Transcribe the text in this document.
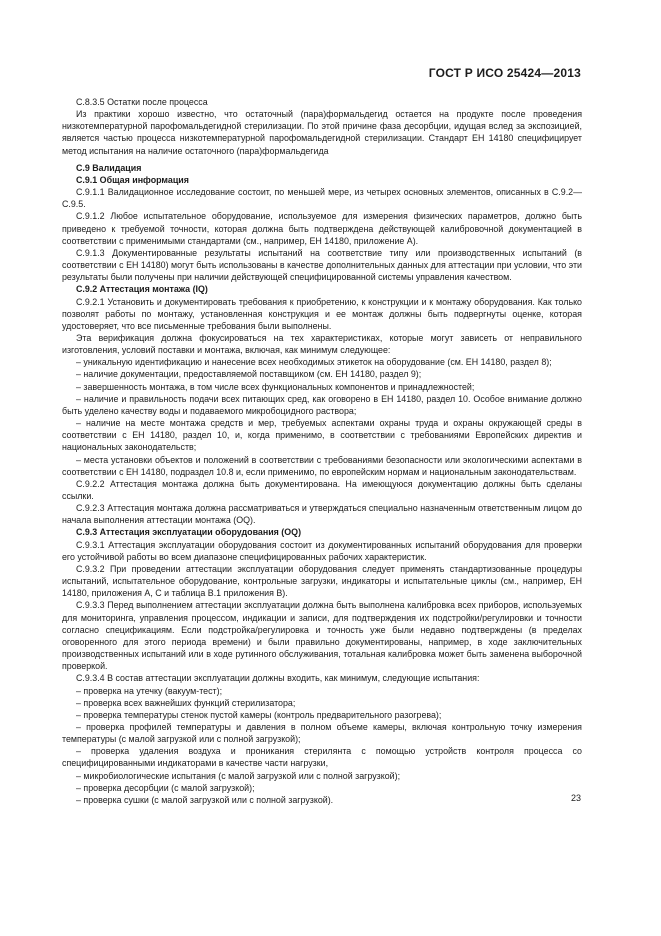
ГОСТ Р ИСО 25424—2013

С.8.3.5 Остатки после процесса

Из практики хорошо известно, что остаточный (пара)формальдегид остается на продукте после проведения низкотемпературной парофомальдегидной стерилизации. По этой причине фаза десорбции, идущая вслед за экспозицией, является частью процесса низкотемпературной парофомальдегидной стерилизации. Стандарт ЕН 14180 специфицирует метод испытания на наличие остаточного (пара)формальдегида

С.9 Валидация

С.9.1 Общая информация

С.9.1.1 Валидационное исследование состоит, по меньшей мере, из четырех основных элементов, описанных в С.9.2—С.9.5.

С.9.1.2 Любое испытательное оборудование, используемое для измерения физических параметров, должно быть приведено к требуемой точности, которая должна быть подтверждена действующей калибровочной документацией в соответствии с применимыми стандартами (см., например, ЕН 14180, приложение А).

С.9.1.3 Документированные результаты испытаний на соответствие типу или производственных испытаний (в соответствии с ЕН 14180) могут быть использованы в качестве дополнительных данных для аттестации при условии, что эти результаты были получены при наличии действующей специфицированной системы управления качеством.

С.9.2 Аттестация монтажа (IQ)

С.9.2.1 Установить и документировать требования к приобретению, к конструкции и к монтажу оборудования. Как только позволят работы по монтажу, установленная конструкция и ее монтаж должны быть подвергнуты оценке, которая удостоверяет, что все письменные требования были выполнены.

Эта верификация должна фокусироваться на тех характеристиках, которые могут зависеть от неправильного изготовления, условий поставки и монтажа, включая, как минимум следующее:

– уникальную идентификацию и нанесение всех необходимых этикеток на оборудование (см. ЕН 14180, раздел 8);

– наличие документации, предоставляемой поставщиком (см. ЕН 14180, раздел 9);

– завершенность монтажа, в том числе всех функциональных компонентов и принадлежностей;

– наличие и правильность подачи всех питающих сред, как оговорено в ЕН 14180, раздел 10. Особое внимание должно быть уделено качеству воды и подаваемого микробоцидного раствора;

– наличие на месте монтажа средств и мер, требуемых аспектами охраны труда и охраны окружающей среды в соответствии с ЕН 14180, раздел 10, и, когда применимо, в соответствии с требованиями Европейских директив и национальных законодательств;

– места установки объектов и положений в соответствии с требованиями безопасности или экологическими аспектами в соответствии с ЕН 14180, подраздел 10.8 и, если применимо, по европейским нормам и национальным законодательствам.

С.9.2.2 Аттестация монтажа должна быть документирована. На имеющуюся документацию должны быть сделаны ссылки.

С.9.2.3 Аттестация монтажа должна рассматриваться и утверждаться специально назначенным ответственным лицом до начала выполнения аттестации монтажа (OQ).

С.9.3 Аттестация эксплуатации оборудования (OQ)

С.9.3.1 Аттестация эксплуатации оборудования состоит из документированных испытаний оборудования для проверки его устойчивой работы во всем диапазоне специфицированных рабочих характеристик.

С.9.3.2 При проведении аттестации эксплуатации оборудования следует применять стандартизованные процедуры испытаний, испытательное оборудование, контрольные загрузки, индикаторы и испытательные циклы (см., например, ЕН 14180, приложения А, С и таблица В.1 приложения В).

С.9.3.3 Перед выполнением аттестации эксплуатации должна быть выполнена калибровка всех приборов, используемых для мониторинга, управления процессом, индикации и записи, для подтверждения их подстройки/регулировки и точности согласно спецификациям. Если подстройка/регулировка и точность уже были недавно подтверждены (в пределах оговоренного для этого периода времени) и были правильно документированы, например, в ходе заключительных производственных испытаний или в ходе рутинного обслуживания, тотальная калибровка может быть заменена выборочной проверкой.

С.9.3.4 В состав аттестации эксплуатации должны входить, как минимум, следующие испытания:

– проверка на утечку (вакуум-тест);

– проверка всех важнейших функций стерилизатора;

– проверка температуры стенок пустой камеры (контроль предварительного разогрева);

– проверка профилей температуры и давления в полном объеме камеры, включая контрольную точку измерения температуры (с малой загрузкой или с полной загрузкой);

– проверка удаления воздуха и проникания стерилянта с помощью устройств контроля процесса со специфицированными индикаторами в качестве части нагрузки,

– микробиологические испытания (с малой загрузкой или с полной загрузкой);

– проверка десорбции (с малой загрузкой);

– проверка сушки (с малой загрузкой или с полной загрузкой).	23
